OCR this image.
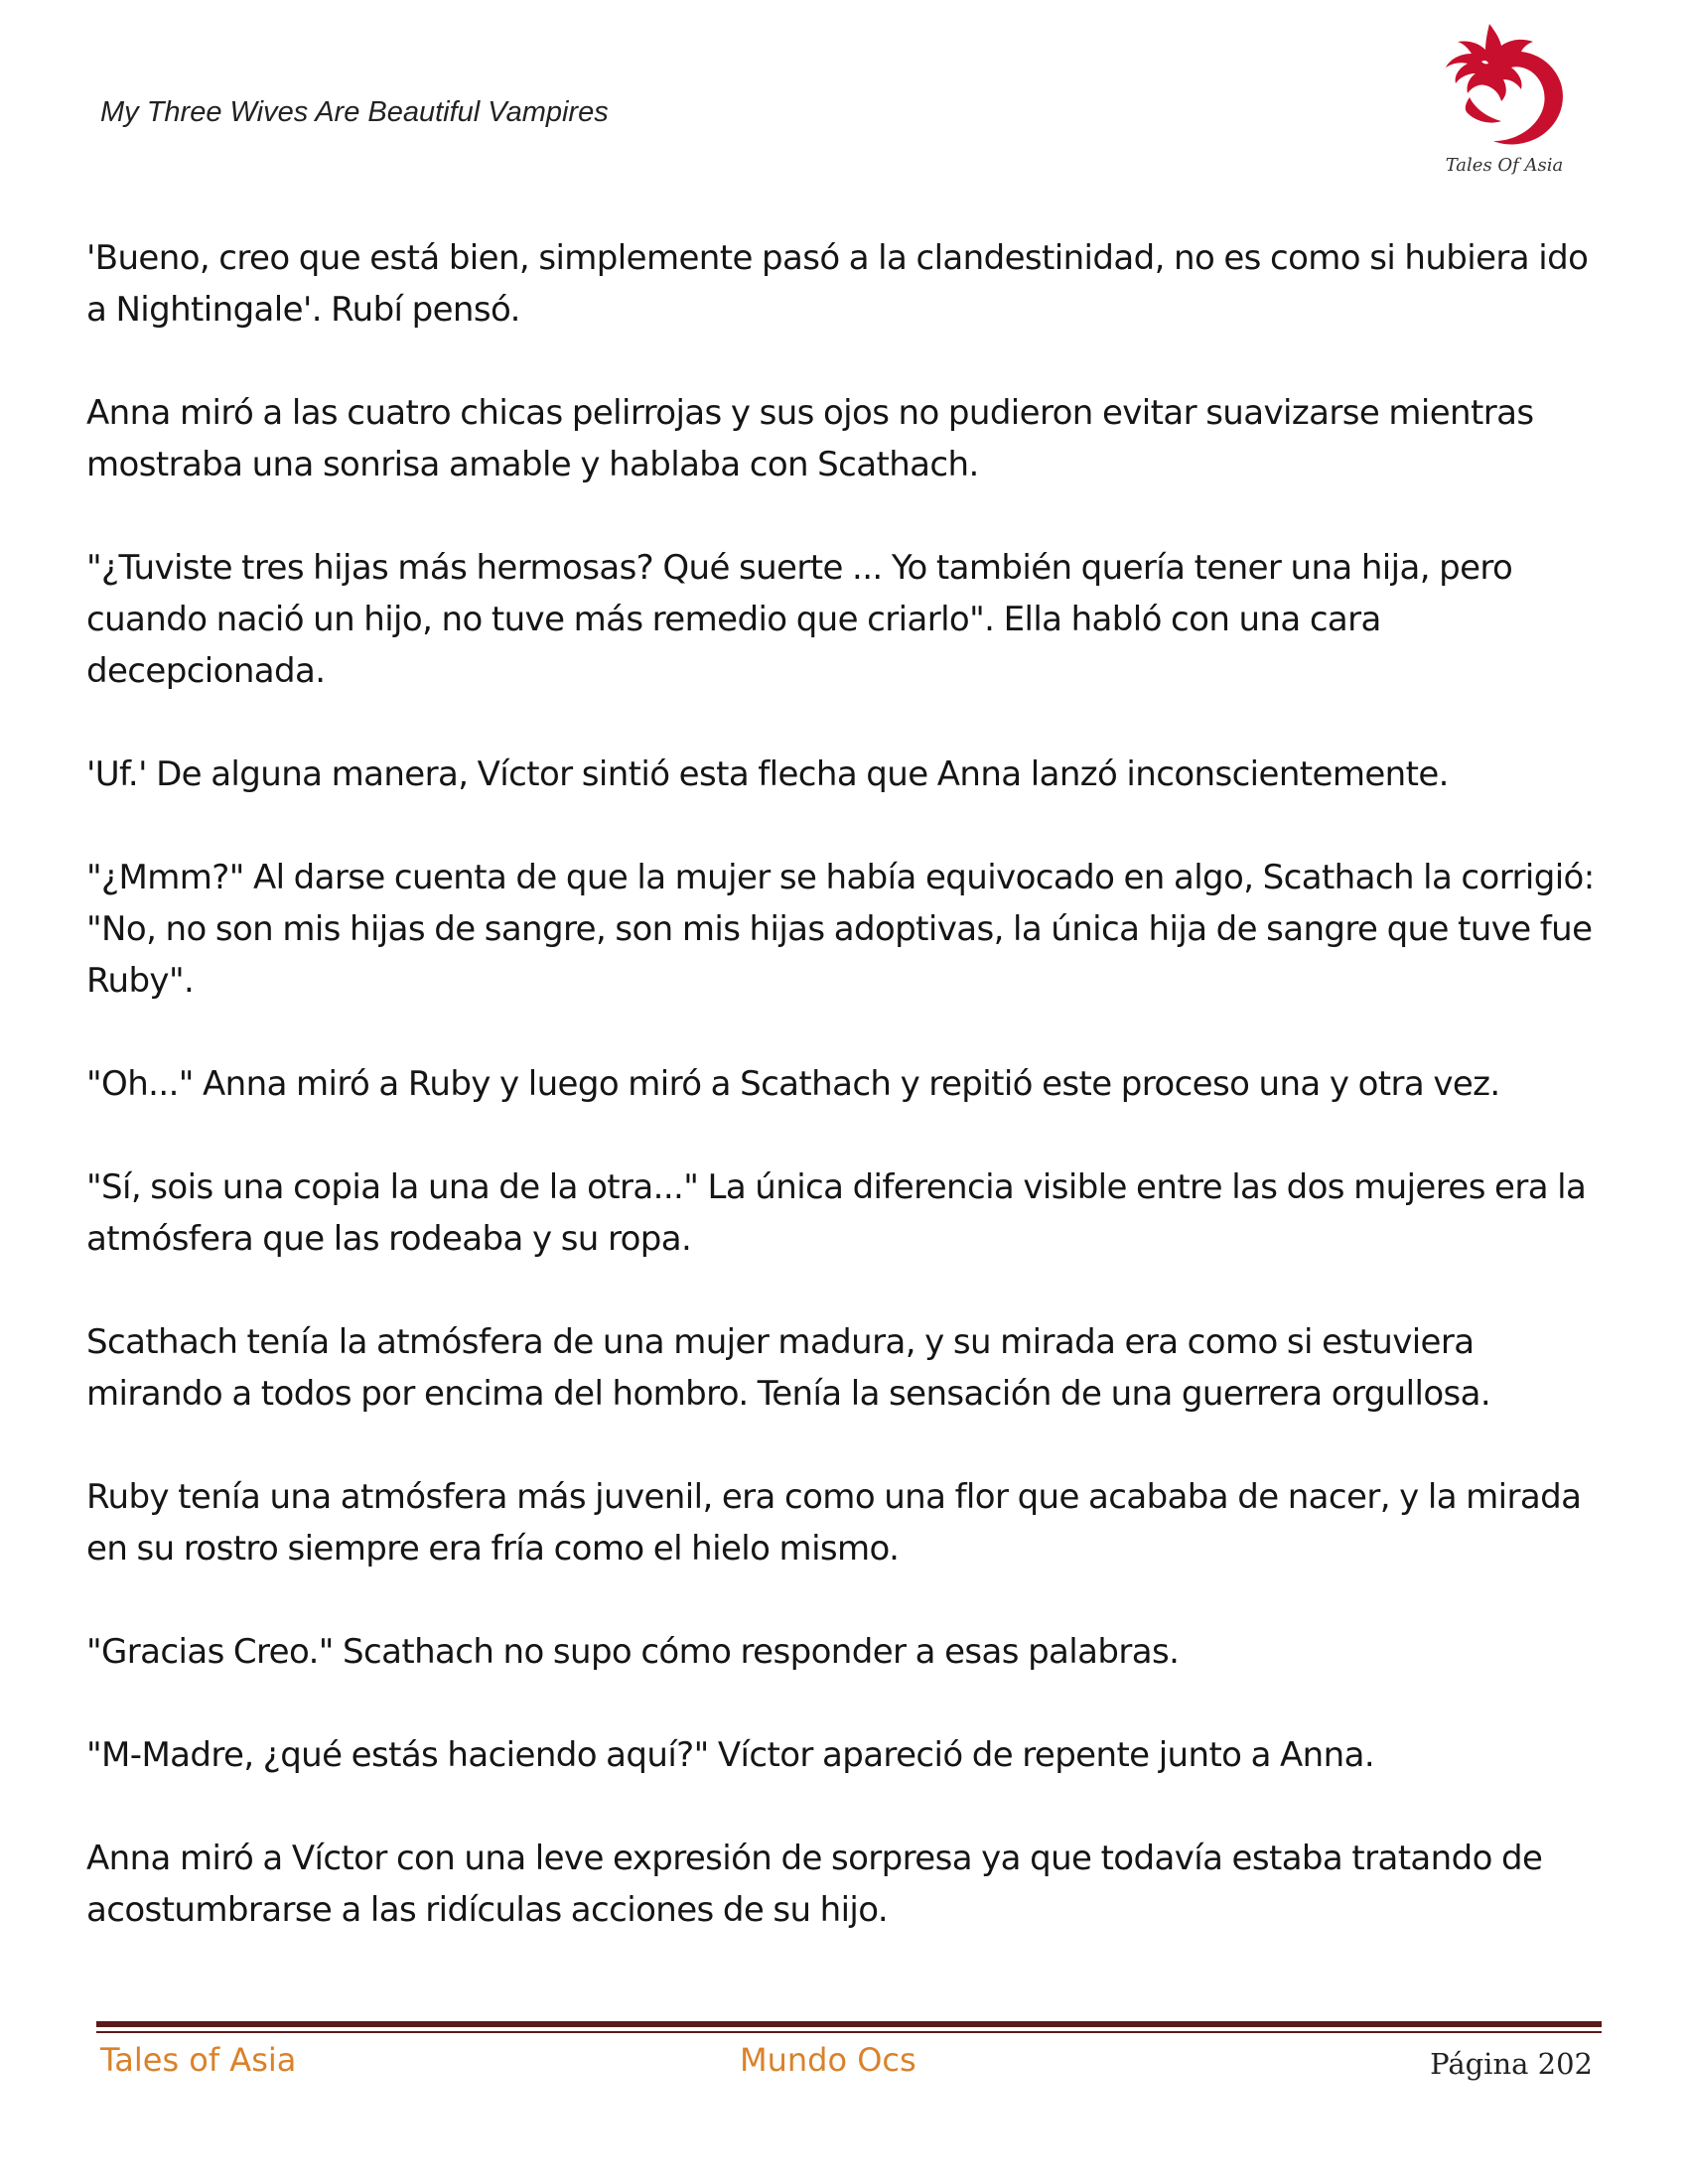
My Three Wives Are Beautiful Vampires
Tales Of Asia

'Bueno, creo que está bien, simplemente pasó a la clandestinidad, no es como si hubiera ido a Nightingale'. Rubí pensó.

Anna miró a las cuatro chicas pelirrojas y sus ojos no pudieron evitar suavizarse mientras mostraba una sonrisa amable y hablaba con Scathach.

"¿Tuviste tres hijas más hermosas? Qué suerte ... Yo también quería tener una hija, pero cuando nació un hijo, no tuve más remedio que criarlo". Ella habló con una cara decepcionada.

'Uf.' De alguna manera, Víctor sintió esta flecha que Anna lanzó inconscientemente.

"¿Mmm?" Al darse cuenta de que la mujer se había equivocado en algo, Scathach la corrigió: "No, no son mis hijas de sangre, son mis hijas adoptivas, la única hija de sangre que tuve fue Ruby".

"Oh..." Anna miró a Ruby y luego miró a Scathach y repitió este proceso una y otra vez.

"Sí, sois una copia la una de la otra..." La única diferencia visible entre las dos mujeres era la atmósfera que las rodeaba y su ropa.

Scathach tenía la atmósfera de una mujer madura, y su mirada era como si estuviera mirando a todos por encima del hombro. Tenía la sensación de una guerrera orgullosa.

Ruby tenía una atmósfera más juvenil, era como una flor que acababa de nacer, y la mirada en su rostro siempre era fría como el hielo mismo.

"Gracias Creo." Scathach no supo cómo responder a esas palabras.

"M-Madre, ¿qué estás haciendo aquí?" Víctor apareció de repente junto a Anna.

Anna miró a Víctor con una leve expresión de sorpresa ya que todavía estaba tratando de acostumbrarse a las ridículas acciones de su hijo.

Tales of Asia	Mundo Ocs	Página 202
